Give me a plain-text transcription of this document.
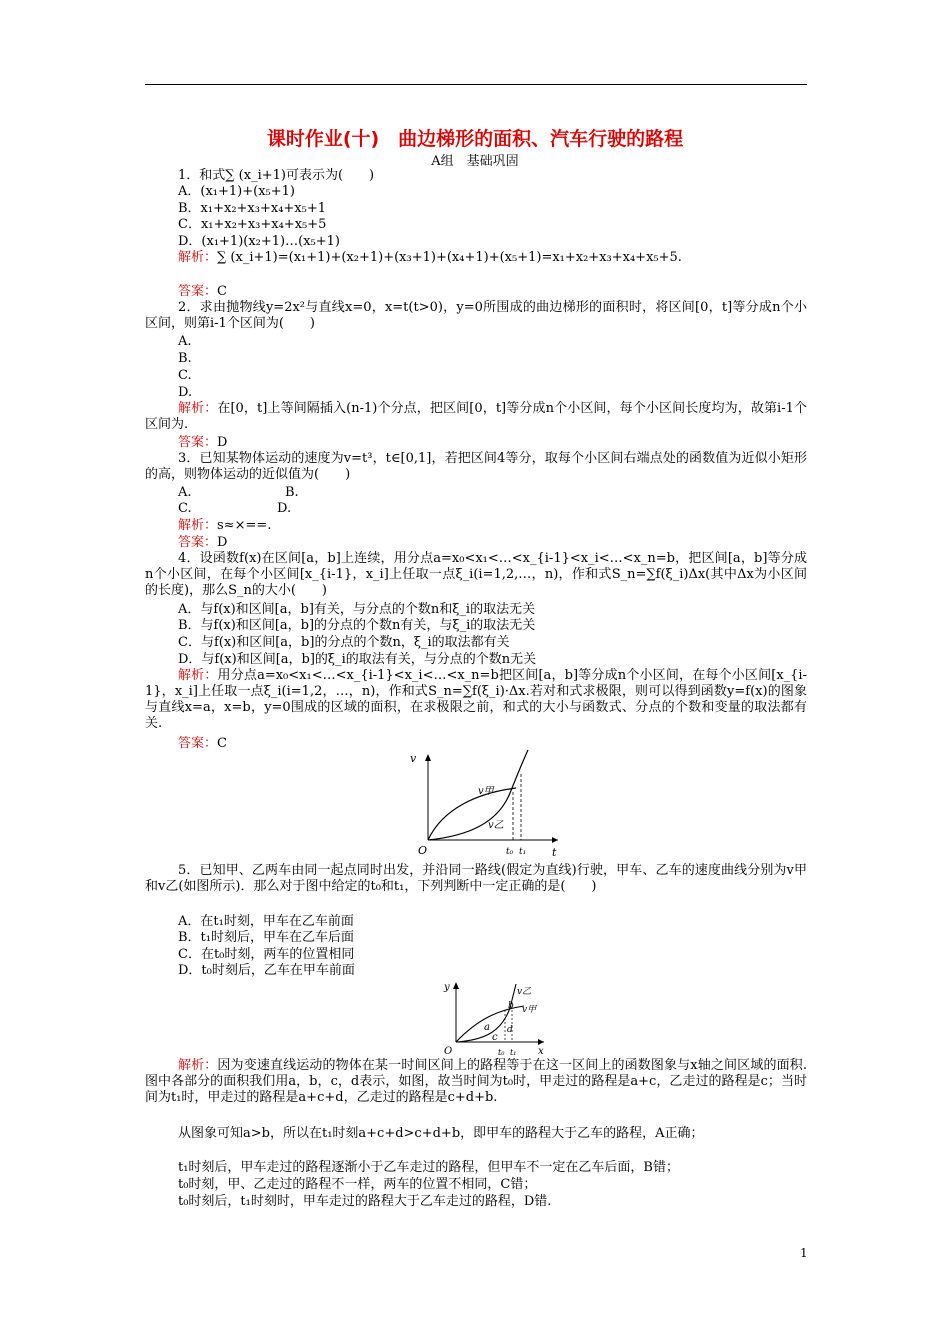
课时作业(十)　曲边梯形的面积、汽车行驶的路程
A组　基础巩固
1．和式∑ (x_i+1)可表示为(　　)
A．(x₁+1)+(x₅+1)
B．x₁+x₂+x₃+x₄+x₅+1
C．x₁+x₂+x₃+x₄+x₅+5
D．(x₁+1)(x₂+1)…(x₅+1)
解析：∑ (x_i+1)=(x₁+1)+(x₂+1)+(x₃+1)+(x₄+1)+(x₅+1)=x₁+x₂+x₃+x₄+x₅+5.
答案：C
2．求由抛物线y=2x²与直线x=0，x=t(t>0)，y=0所围成的曲边梯形的面积时，将区间[0，t]等分成n个小区间，则第i-1个区间为(　　)
A.
B.
C.
D.
解析：在[0，t]上等间隔插入(n-1)个分点，把区间[0，t]等分成n个小区间，每个小区间长度均为，故第i-1个区间为.
答案：D
3．已知某物体运动的速度为v=t³，t∈[0,1]，若把区间4等分，取每个小区间右端点处的函数值为近似小矩形的高，则物体运动的近似值为(　　)
A.	B.
C.	D.
解析：s≈×==.
答案：D
4．设函数f(x)在区间[a，b]上连续，用分点a=x₀<x₁<…<x_{i-1}<x_i<…<x_n=b，把区间[a，b]等分成n个小区间，在每个小区间[x_{i-1}，x_i]上任取一点ξ_i(i=1,2,…，n)，作和式S_n=∑f(ξ_i)Δx(其中Δx为小区间的长度)，那么S_n的大小(　　)
A．与f(x)和区间[a，b]有关，与分点的个数n和ξ_i的取法无关
B．与f(x)和区间[a，b]的分点的个数n有关，与ξ_i的取法无关
C．与f(x)和区间[a，b]的分点的个数n，ξ_i的取法都有关
D．与f(x)和区间[a，b]的ξ_i的取法有关，与分点的个数n无关
解析：用分点a=x₀<x₁<…<x_{i-1}<x_i<…<x_n=b把区间[a，b]等分成n个小区间，在每个小区间[x_{i-1}，x_i]上任取一点ξ_i(i=1,2，…，n)，作和式S_n=∑f(ξ_i)·Δx.若对和式求极限，则可以得到函数y=f(x)的图象与直线x=a，x=b，y=0围成的区域的面积，在求极限之前，和式的大小与函数式、分点的个数和变量的取法都有关.
答案：C
v
t
O
v甲
v乙
t₀ t₁
5．已知甲、乙两车由同一起点同时出发，并沿同一路线(假定为直线)行驶，甲车、乙车的速度曲线分别为v甲和v乙(如图所示)．那么对于图中给定的t₀和t₁，下列判断中一定正确的是(　　)
A．在t₁时刻，甲车在乙车前面
B．t₁时刻后，甲车在乙车后面
C．在t₀时刻，两车的位置相同
D．t₀时刻后，乙车在甲车前面
y
x
O
v乙
v甲
a
b
c
d
t₀ t₁
解析：因为变速直线运动的物体在某一时间区间上的路程等于在这一区间上的函数图象与x轴之间区域的面积.图中各部分的面积我们用a，b，c，d表示，如图，故当时间为t₀时，甲走过的路程是a+c，乙走过的路程是c；当时间为t₁时，甲走过的路程是a+c+d，乙走过的路程是c+d+b.
从图象可知a>b，所以在t₁时刻a+c+d>c+d+b，即甲车的路程大于乙车的路程，A正确；
t₁时刻后，甲车走过的路程逐渐小于乙车走过的路程，但甲车不一定在乙车后面，B错；
t₀时刻，甲、乙走过的路程不一样，两车的位置不相同，C错；
t₀时刻后，t₁时刻时，甲车走过的路程大于乙车走过的路程，D错.
1
